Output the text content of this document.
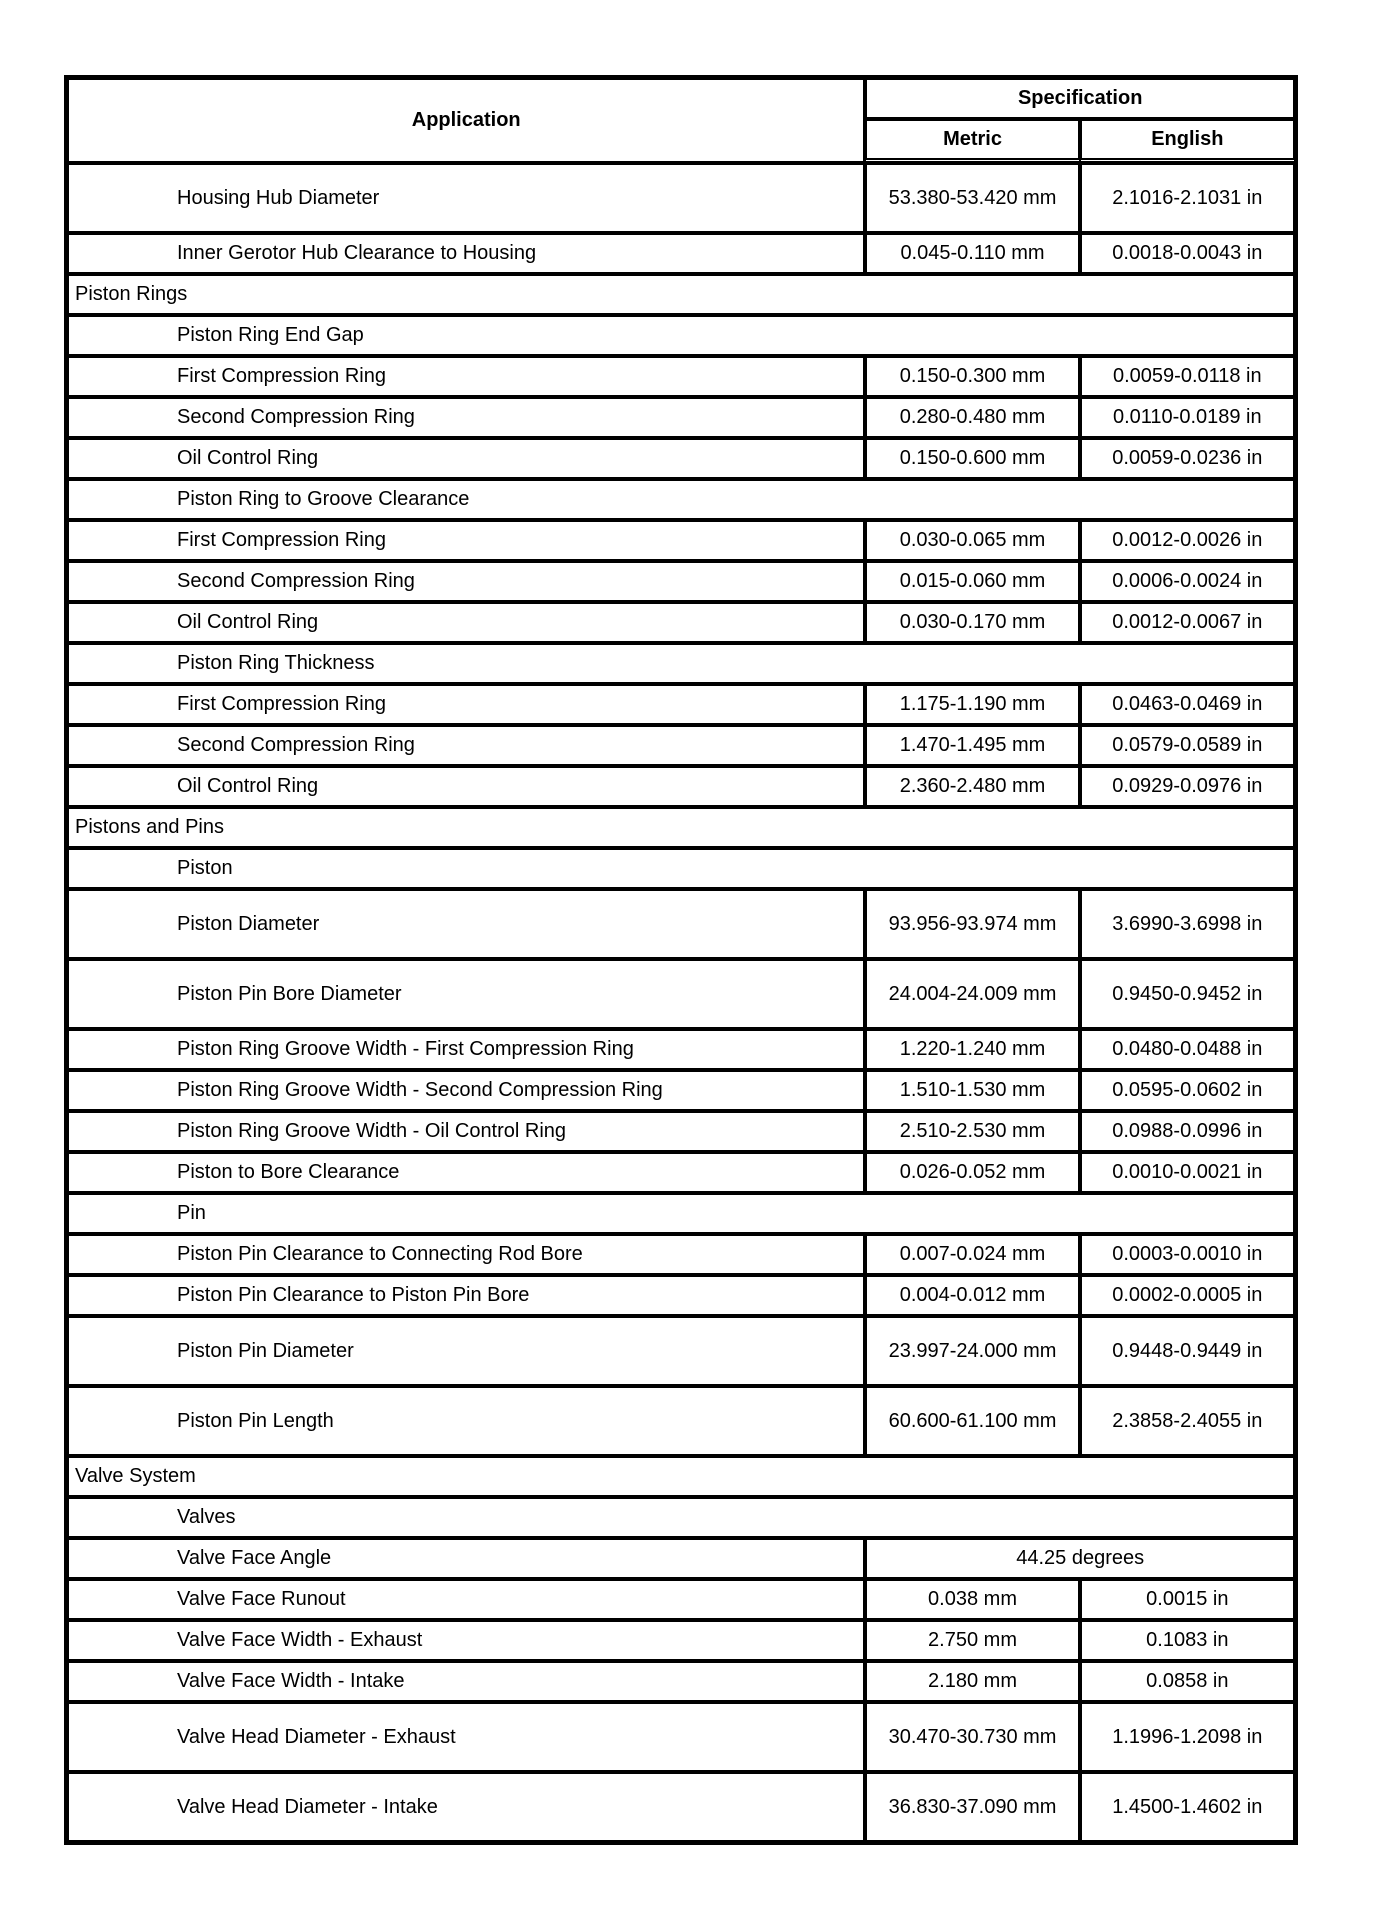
Application	Specification	
	Metric	English
Housing Hub Diameter	53.380-53.420 mm	2.1016-2.1031 in
Inner Gerotor Hub Clearance to Housing	0.045-0.110 mm	0.0018-0.0043 in
Piston Rings		
Piston Ring End Gap		
First Compression Ring	0.150-0.300 mm	0.0059-0.0118 in
Second Compression Ring	0.280-0.480 mm	0.0110-0.0189 in
Oil Control Ring	0.150-0.600 mm	0.0059-0.0236 in
Piston Ring to Groove Clearance		
First Compression Ring	0.030-0.065 mm	0.0012-0.0026 in
Second Compression Ring	0.015-0.060 mm	0.0006-0.0024 in
Oil Control Ring	0.030-0.170 mm	0.0012-0.0067 in
Piston Ring Thickness		
First Compression Ring	1.175-1.190 mm	0.0463-0.0469 in
Second Compression Ring	1.470-1.495 mm	0.0579-0.0589 in
Oil Control Ring	2.360-2.480 mm	0.0929-0.0976 in
Pistons and Pins		
Piston		
Piston Diameter	93.956-93.974 mm	3.6990-3.6998 in
Piston Pin Bore Diameter	24.004-24.009 mm	0.9450-0.9452 in
Piston Ring Groove Width - First Compression Ring	1.220-1.240 mm	0.0480-0.0488 in
Piston Ring Groove Width - Second Compression Ring	1.510-1.530 mm	0.0595-0.0602 in
Piston Ring Groove Width - Oil Control Ring	2.510-2.530 mm	0.0988-0.0996 in
Piston to Bore Clearance	0.026-0.052 mm	0.0010-0.0021 in
Pin		
Piston Pin Clearance to Connecting Rod Bore	0.007-0.024 mm	0.0003-0.0010 in
Piston Pin Clearance to Piston Pin Bore	0.004-0.012 mm	0.0002-0.0005 in
Piston Pin Diameter	23.997-24.000 mm	0.9448-0.9449 in
Piston Pin Length	60.600-61.100 mm	2.3858-2.4055 in
Valve System		
Valves		
Valve Face Angle	44.25 degrees	
Valve Face Runout	0.038 mm	0.0015 in
Valve Face Width - Exhaust	2.750 mm	0.1083 in
Valve Face Width - Intake	2.180 mm	0.0858 in
Valve Head Diameter - Exhaust	30.470-30.730 mm	1.1996-1.2098 in
Valve Head Diameter - Intake	36.830-37.090 mm	1.4500-1.4602 in
